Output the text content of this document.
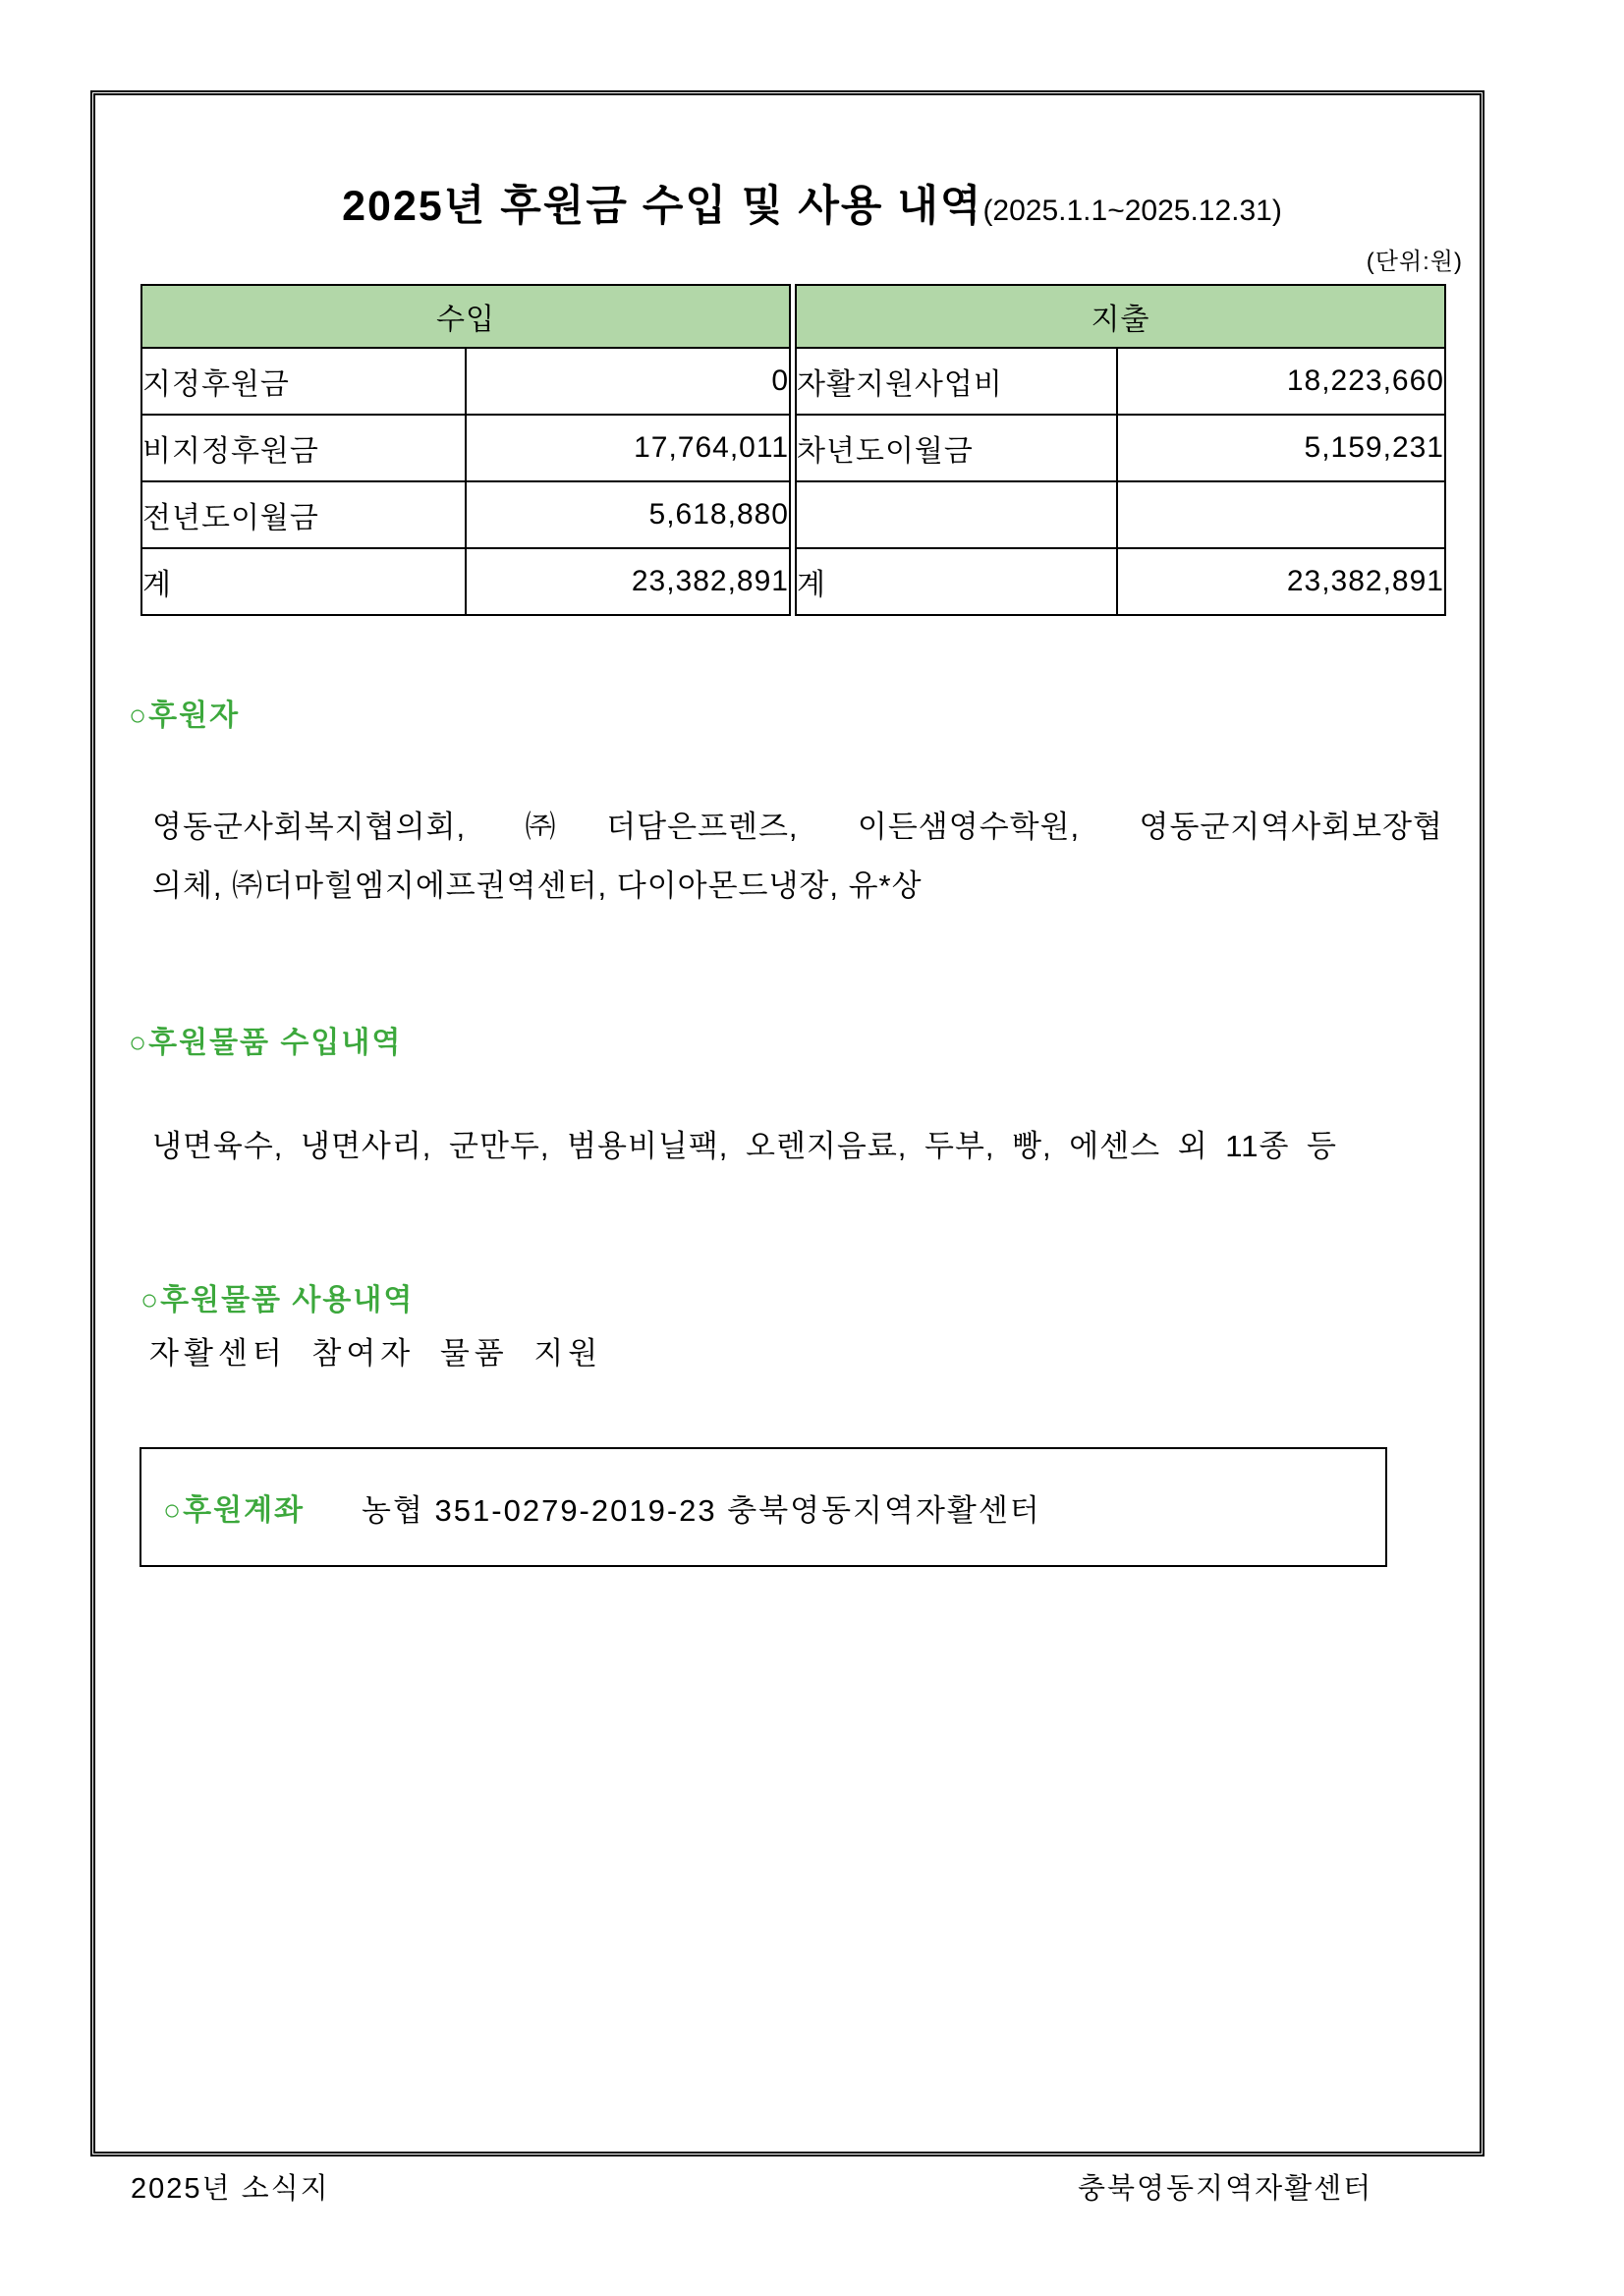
2025년 후원금 수입 및 사용 내역(2025.1.1~2025.12.31)
(단위:원)
수입	
지정후원금	0
비지정후원금	17,764,011
전년도이월금	5,618,880
계	23,382,891
지출	
자활지원사업비	18,223,660
차년도이월금	5,159,231

계	23,382,891
○후원자
영동군사회복지협의회, ㈜더담은프렌즈, 이든샘영수학원, 영동군지역사회보장협
의체, ㈜더마힐엠지에프권역센터, 다이아몬드냉장, 유*상
○후원물품 수입내역
냉면육수, 냉면사리, 군만두, 범용비닐팩, 오렌지음료, 두부, 빵, 에센스 외 11종 등
○후원물품 사용내역
자활센터 참여자 물품 지원
○후원계좌 농협 351-0279-2019-23 충북영동지역자활센터
2025년 소식지	충북영동지역자활센터
